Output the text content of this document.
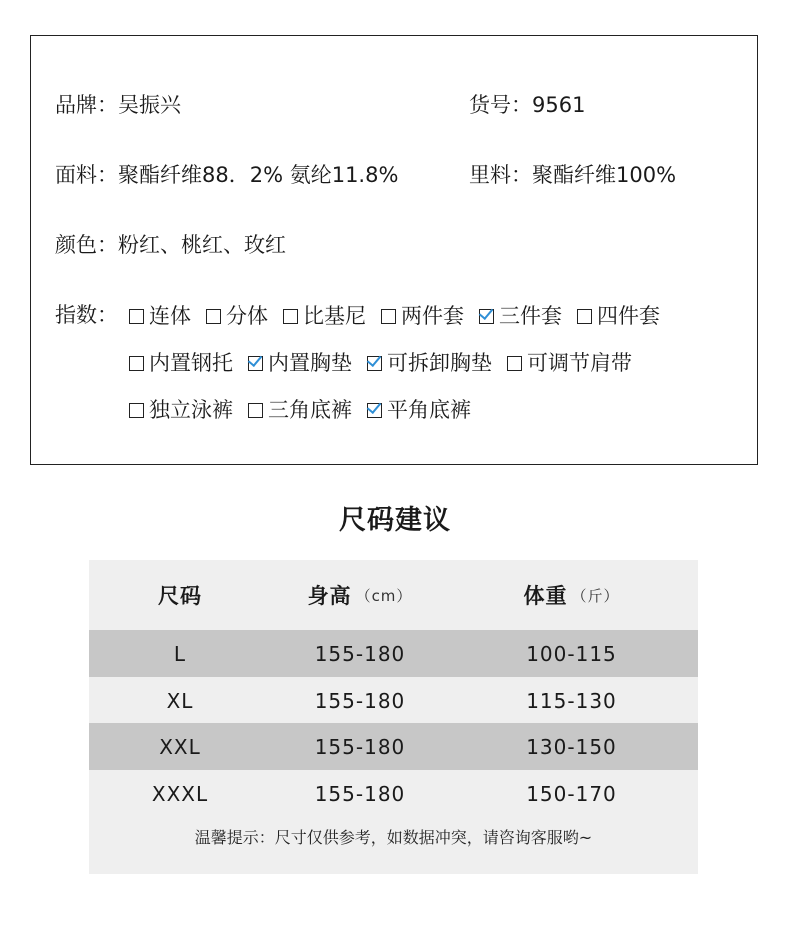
品牌：吴振兴	货号：9561
面料：聚酯纤维88．2% 氨纶11.8%	里料：聚酯纤维100%
颜色：粉红、桃红、玫红
指数：	连体 分体 比基尼 两件套 三件套 四件套
内置钢托 内置胸垫 可拆卸胸垫 可调节肩带
独立泳裤 三角底裤 平角底裤
尺码建议
尺码	身高 （cm）	体重 （斤）
L	155-180	100-115
XL	155-180	115-130
XXL	155-180	130-150
XXXL	155-180	150-170
温馨提示：尺寸仅供参考，如数据冲突，请咨询客服哟~
